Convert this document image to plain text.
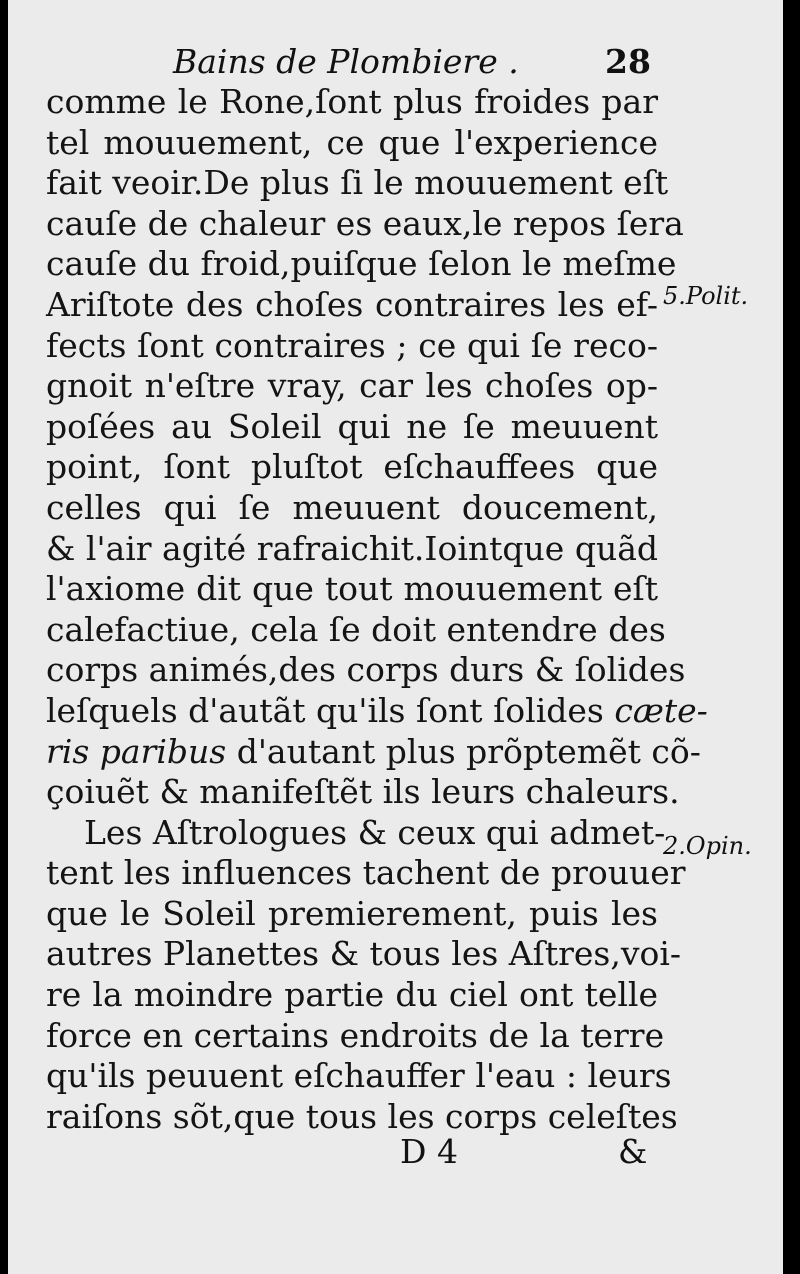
Bains de Plombiere .	28
comme le Rone,ſont plus froides par
tel mouuement, ce que l'experience
fait veoir.De plus ſi le mouuement eſt
cauſe de chaleur es eaux,le repos ſera
cauſe du froid,puiſque ſelon le meſme
Ariſtote des choſes contraires les ef-
fects ſont contraires ; ce qui ſe reco-
gnoit n'eſtre vray, car les choſes op-
poſées au Soleil qui ne ſe meuuent
point, ſont pluſtot eſchauffees que
celles qui ſe meuuent doucement,
& l'air agité rafraichit.Iointque quãd
l'axiome dit que tout mouuement eſt
calefactiue, cela ſe doit entendre des
corps animés,des corps durs & ſolides
leſquels d'autãt qu'ils ſont ſolides cæte-
ris paribus d'autant plus prõptemẽt cõ-
çoiuẽt & manifeſtẽt ils leurs chaleurs.
Les Aſtrologues & ceux qui admet-
tent les influences tachent de prouuer
que le Soleil premierement, puis les
autres Planettes & tous les Aſtres,voi-
re la moindre partie du ciel ont telle
force en certains endroits de la terre
qu'ils peuuent eſchauffer l'eau : leurs
raiſons sõt,que tous les corps celeſtes
5.Polit.
2.Opin.
D 4	&
